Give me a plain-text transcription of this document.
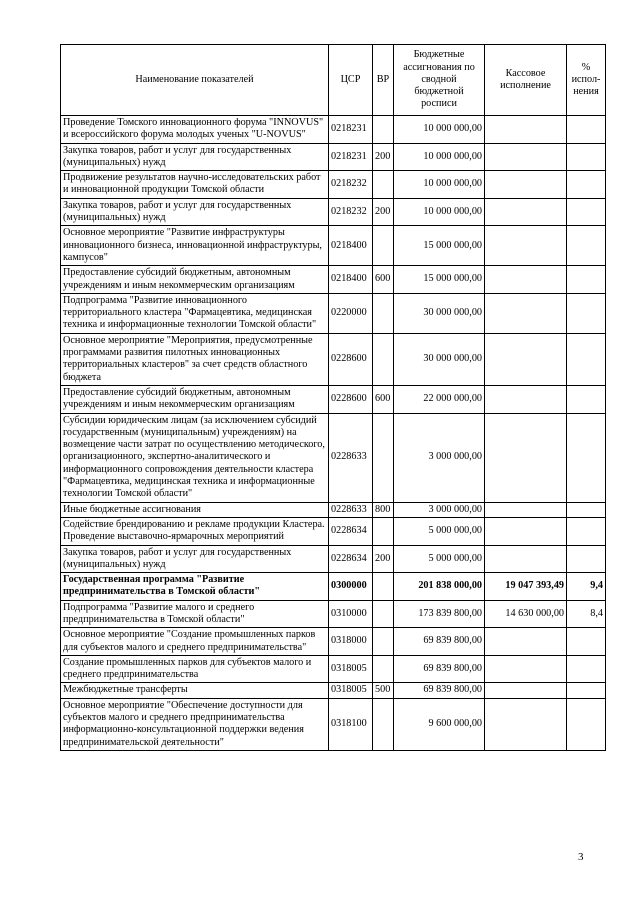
Наименование показателей	ЦСР	ВР	Бюджетные ассигнования по сводной бюджетной росписи	Кассовое исполнение	% испол-нения
Проведение Томского инновационного форума "INNOVUS" и всероссийского форума молодых ученых "U-NOVUS"	0218231		10 000 000,00		
Закупка товаров, работ и услуг для государственных (муниципальных) нужд	0218231	200	10 000 000,00		
Продвижение результатов научно-исследовательских работ и инновационной продукции Томской области	0218232		10 000 000,00		
Закупка товаров, работ и услуг для государственных (муниципальных) нужд	0218232	200	10 000 000,00		
Основное мероприятие "Развитие инфраструктуры инновационного бизнеса, инновационной инфраструктуры, кампусов"	0218400		15 000 000,00		
Предоставление субсидий бюджетным, автономным учреждениям и иным некоммерческим организациям	0218400	600	15 000 000,00		
Подпрограмма "Развитие инновационного территориального кластера "Фармацевтика, медицинская техника и информационные технологии Томской области"	0220000		30 000 000,00		
Основное мероприятие "Мероприятия, предусмотренные программами развития пилотных инновационных территориальных кластеров" за счет средств областного бюджета	0228600		30 000 000,00		
Предоставление субсидий бюджетным, автономным учреждениям и иным некоммерческим организациям	0228600	600	22 000 000,00		
Субсидии юридическим лицам (за исключением субсидий государственным (муниципальным) учреждениям) на возмещение части затрат по осуществлению методического, организационного, экспертно-аналитического и информационного сопровождения деятельности кластера "Фармацевтика, медицинская техника и информационные технологии Томской области"	0228633		3 000 000,00		
Иные бюджетные ассигнования	0228633	800	3 000 000,00		
Содействие брендированию и рекламе продукции Кластера. Проведение выставочно-ярмарочных мероприятий	0228634		5 000 000,00		
Закупка товаров, работ и услуг для государственных (муниципальных) нужд	0228634	200	5 000 000,00		
Государственная программа "Развитие предпринимательства в Томской области"	0300000		201 838 000,00	19 047 393,49	9,4
Подпрограмма "Развитие малого и среднего предпринимательства в Томской области"	0310000		173 839 800,00	14 630 000,00	8,4
Основное мероприятие "Создание промышленных парков для субъектов малого и среднего предпринимательства"	0318000		69 839 800,00		
Создание промышленных парков для субъектов малого и среднего предпринимательства	0318005		69 839 800,00		
Межбюджетные трансферты	0318005	500	69 839 800,00		
Основное мероприятие "Обеспечение доступности для субъектов малого и среднего предпринимательства информационно-консультационной поддержки ведения предпринимательской деятельности"	0318100		9 600 000,00		
3
